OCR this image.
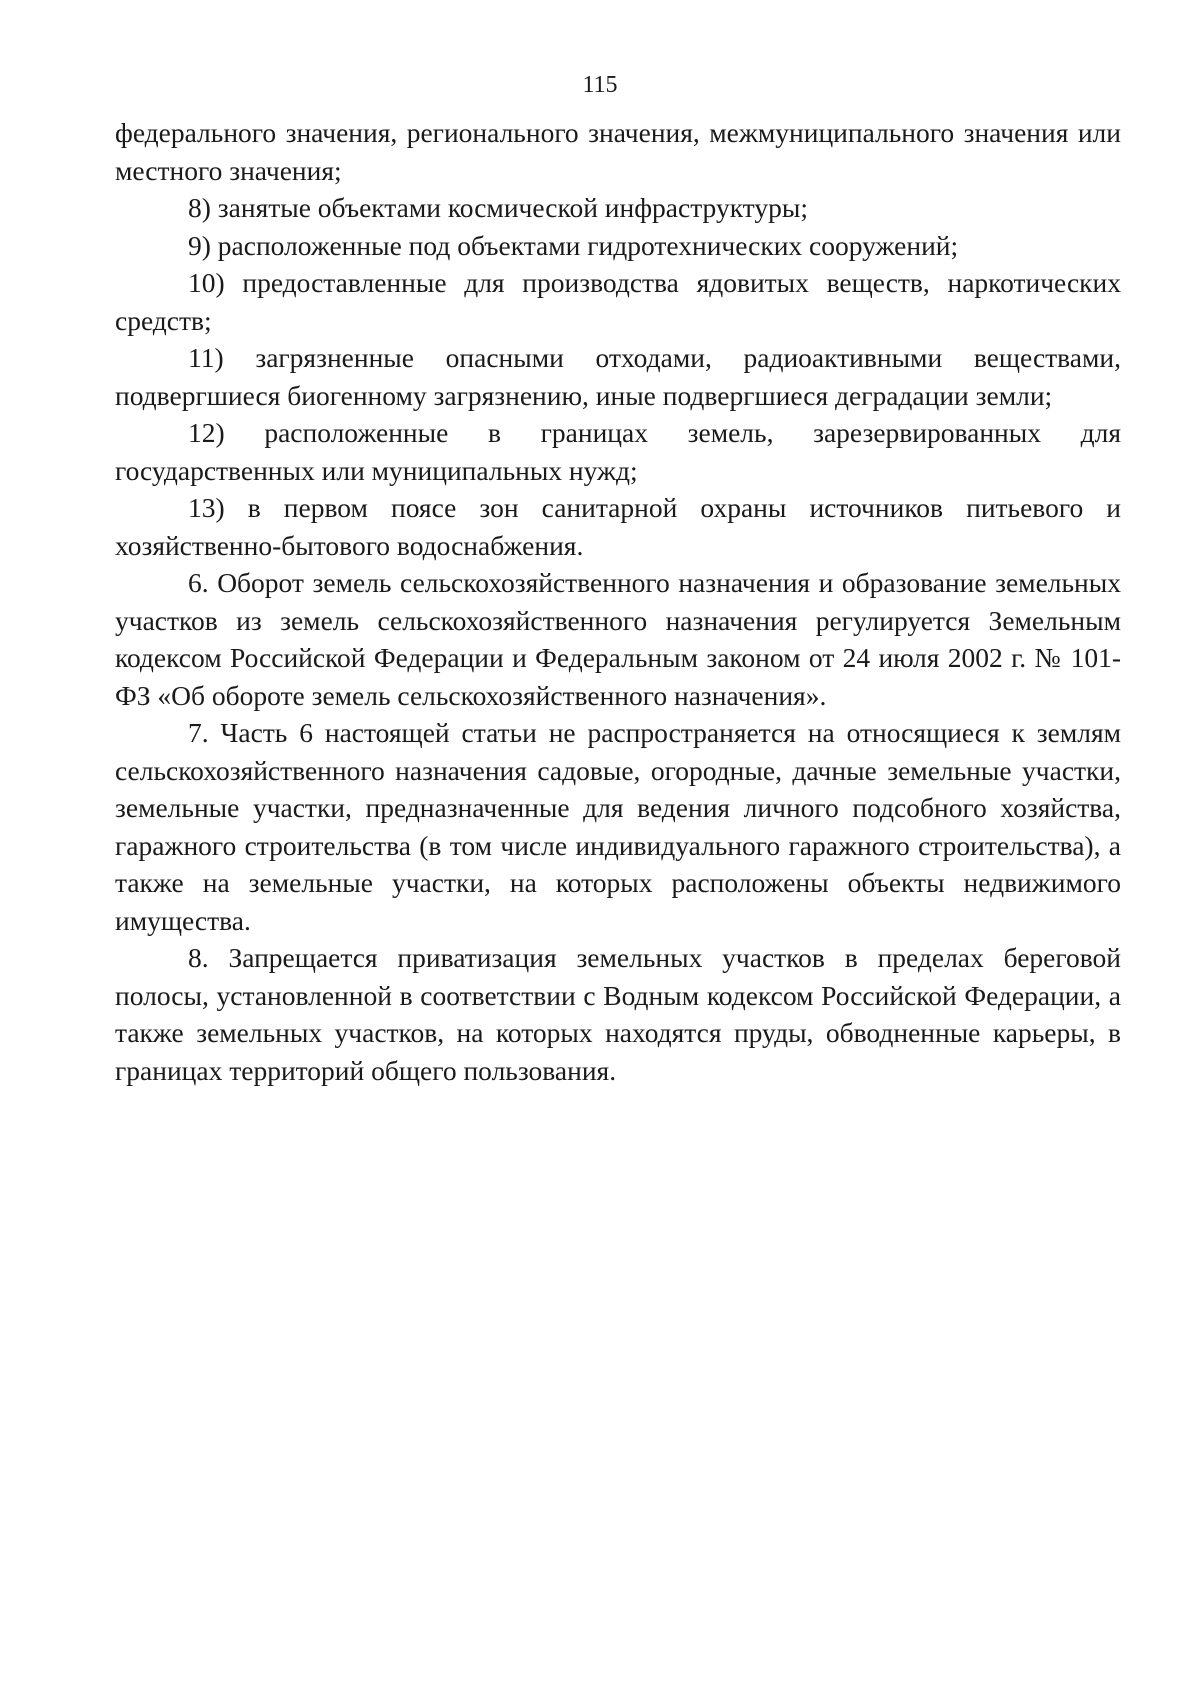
115

федерального значения, регионального значения, межмуниципального значения или местного значения;

8) занятые объектами космической инфраструктуры;

9) расположенные под объектами гидротехнических сооружений;

10) предоставленные для производства ядовитых веществ, наркотических средств;

11) загрязненные опасными отходами, радиоактивными веществами, подвергшиеся биогенному загрязнению, иные подвергшиеся деградации земли;

12) расположенные в границах земель, зарезервированных для государственных или муниципальных нужд;

13) в первом поясе зон санитарной охраны источников питьевого и хозяйственно-бытового водоснабжения.

6. Оборот земель сельскохозяйственного назначения и образование земельных участков из земель сельскохозяйственного назначения регулируется Земельным кодексом Российской Федерации и Федеральным законом от 24 июля 2002 г. № 101-ФЗ «Об обороте земель сельскохозяйственного назначения».

7. Часть 6 настоящей статьи не распространяется на относящиеся к землям сельскохозяйственного назначения садовые, огородные, дачные земельные участки, земельные участки, предназначенные для ведения личного подсобного хозяйства, гаражного строительства (в том числе индивидуального гаражного строительства), а также на земельные участки, на которых расположены объекты недвижимого имущества.

8. Запрещается приватизация земельных участков в пределах береговой полосы, установленной в соответствии с Водным кодексом Российской Федерации, а также земельных участков, на которых находятся пруды, обводненные карьеры, в границах территорий общего пользования.
